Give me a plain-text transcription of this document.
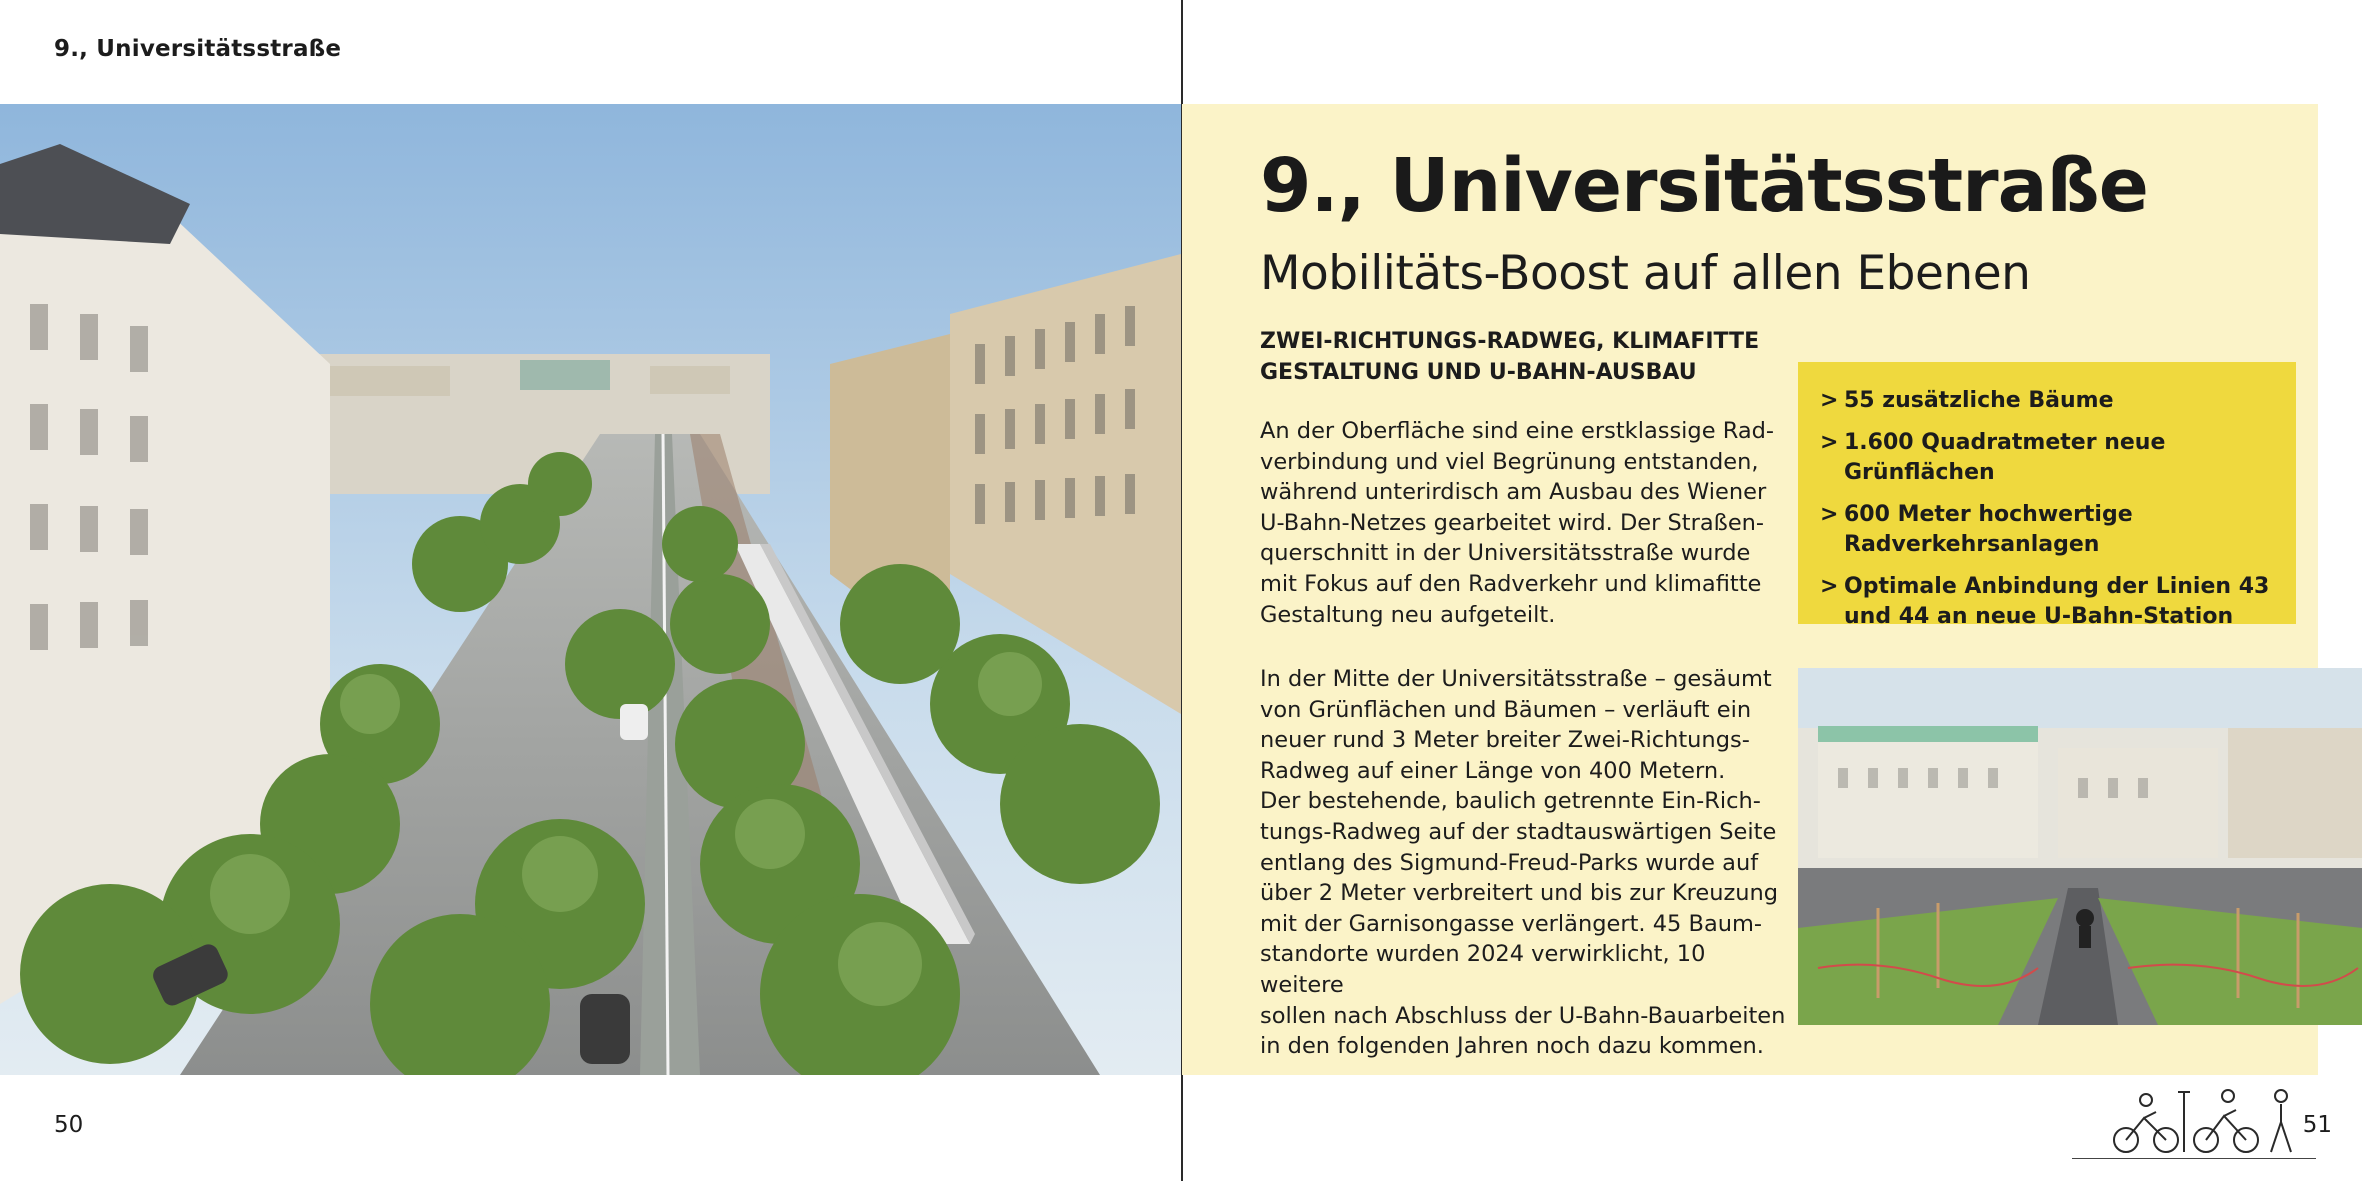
9., Universitätsstraße
50
9., Universitätsstraße
Mobilitäts-Boost auf allen Ebenen

ZWEI-RICHTUNGS-RADWEG, KLIMAFITTE
GESTALTUNG UND U-BAHN-AUSBAU

An der Oberfläche sind eine erstklassige Rad-
verbindung und viel Begrünung entstanden,
während unterirdisch am Ausbau des Wiener
U-Bahn-Netzes gearbeitet wird. Der Straßen-
querschnitt in der Universitätsstraße wurde
mit Fokus auf den Radverkehr und klimafitte
Gestaltung neu aufgeteilt.

In der Mitte der Universitätsstraße – gesäumt
von Grünflächen und Bäumen – verläuft ein
neuer rund 3 Meter breiter Zwei-Richtungs-
Radweg auf einer Länge von 400 Metern.
Der bestehende, baulich getrennte Ein-Rich-
tungs-Radweg auf der stadtauswärtigen Seite
entlang des Sigmund-Freud-Parks wurde auf
über 2 Meter verbreitert und bis zur Kreuzung
mit der Garnisongasse verlängert. 45 Baum-
standorte wurden 2024 verwirklicht, 10 weitere
sollen nach Abschluss der U-Bahn-Bauarbeiten
in den folgenden Jahren noch dazu kommen.

> 55 zusätzliche Bäume
> 1.600 Quadratmeter neue Grünflächen
> 600 Meter hochwertige
Radverkehrsanlagen
> Optimale Anbindung der Linien 43
und 44 an neue U-Bahn-Station
51
